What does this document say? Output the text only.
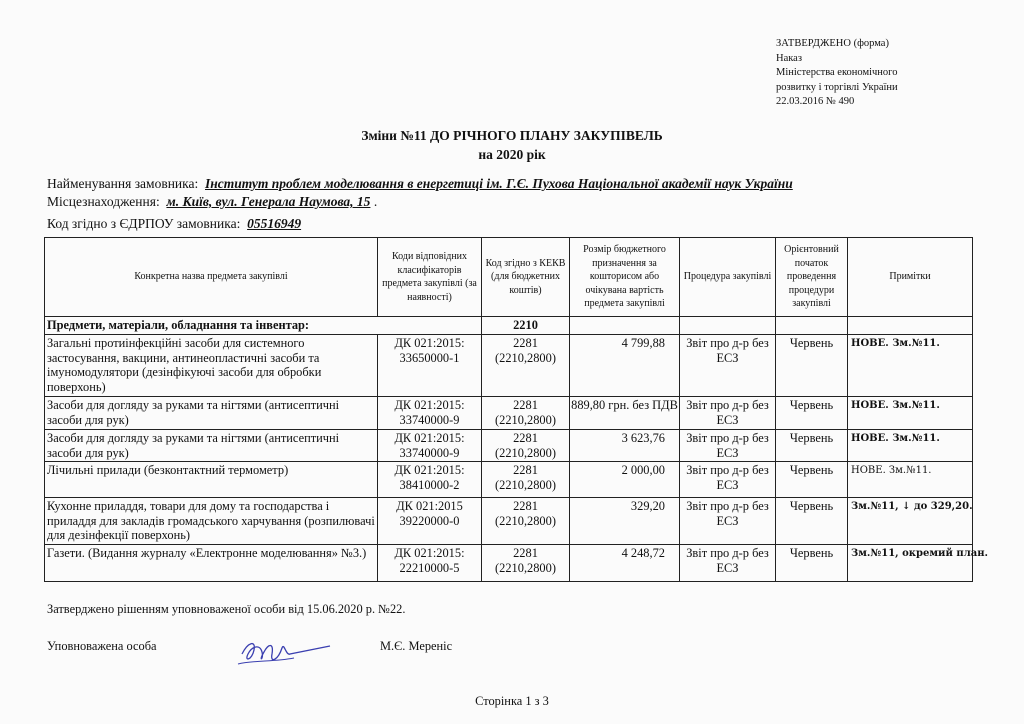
ЗАТВЕРДЖЕНО (форма)
Наказ
Міністерства економічного
розвитку і торгівлі України
22.03.2016 № 490
Зміни №11 ДО РІЧНОГО ПЛАНУ ЗАКУПІВЕЛЬ
на 2020 рік
Найменування замовника: Інститут проблем моделювання в енергетиці ім. Г.Є. Пухова Національної академії наук України
Місцезнаходження: м. Київ, вул. Генерала Наумова, 15 .
Код згідно з ЄДРПОУ замовника: 05516949
Конкретна назва предмета закупівлі	Коди відповідних класифікаторів предмета закупівлі (за наявності)	Код згідно з КЕКВ (для бюджетних коштів)	Розмір бюджетного призначення за кошторисом або очікувана вартість предмета закупівлі	Процедура закупівлі	Орієнтовний початок проведення процедури закупівлі	Примітки
Предмети, матеріали, обладнання та інвентар:		2210				
Загальні протиінфекційні засоби для системного застосування, вакцини, антинеопластичні засоби та імуномодулятори (дезінфікуючі засоби для обробки поверхонь)	ДК 021:2015: 33650000-1	2281 (2210,2800)	4 799,88	Звіт про д-р без ЕСЗ	Червень	НОВЕ. Зм.№11.
Засоби для догляду за руками та нігтями (антисептичні засоби для рук)	ДК 021:2015: 33740000-9	2281 (2210,2800)	889,80 грн. без ПДВ	Звіт про д-р без ЕСЗ	Червень	НОВЕ. Зм.№11.
Засоби для догляду за руками та нігтями (антисептичні засоби для рук)	ДК 021:2015: 33740000-9	2281 (2210,2800)	3 623,76	Звіт про д-р без ЕСЗ	Червень	НОВЕ. Зм.№11.
Лічильні прилади (безконтактний термометр)	ДК 021:2015: 38410000-2	2281 (2210,2800)	2 000,00	Звіт про д-р без ЕСЗ	Червень	НОВЕ. Зм.№11.
Кухонне приладдя, товари для дому та господарства і приладдя для закладів громадського харчування (розпилювачі для дезінфекції поверхонь)	ДК 021:2015 39220000-0	2281 (2210,2800)	329,20	Звіт про д-р без ЕСЗ	Червень	Зм.№11, ↓ до 329,20.
Газети. (Видання журналу «Електронне моделювання» №3.)	ДК 021:2015: 22210000-5	2281 (2210,2800)	4 248,72	Звіт про д-р без ЕСЗ	Червень	Зм.№11, окремий план.
Затверджено рішенням уповноваженої особи від 15.06.2020 р. №22.
Уповноважена особа	М.Є. Мереніс
Сторінка 1 з 3
